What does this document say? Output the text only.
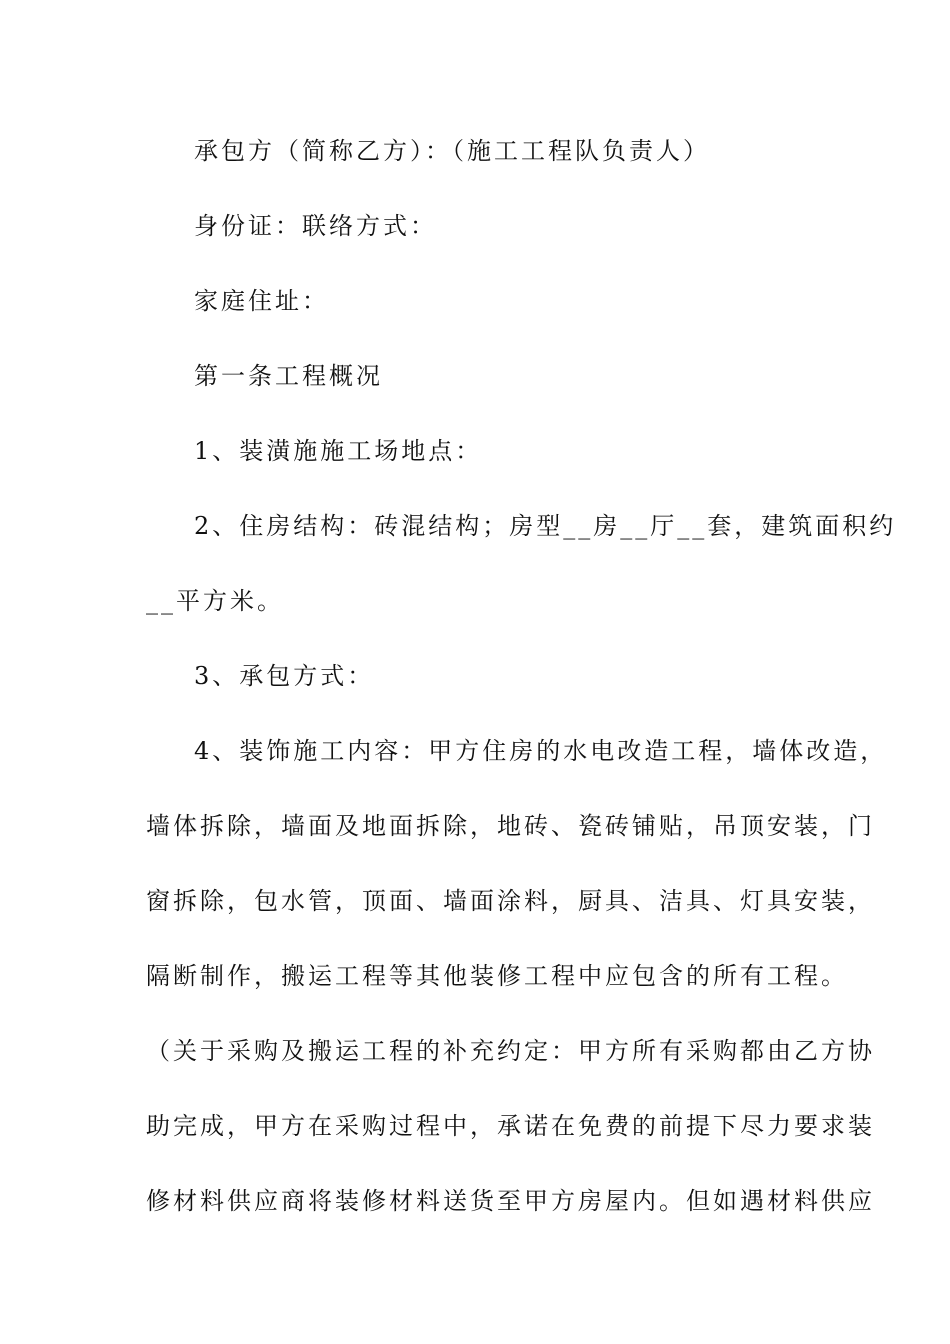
承包方（简称乙方）：（施工工程队负责人）
身份证：联络方式：
家庭住址：
第一条工程概况
1、装潢施施工场地点：
2、住房结构：砖混结构；房型__房__厅__套，建筑面积约
__平方米。
3、承包方式：
4、装饰施工内容：甲方住房的水电改造工程，墙体改造，
墙体拆除，墙面及地面拆除，地砖、瓷砖铺贴，吊顶安装，门
窗拆除，包水管，顶面、墙面涂料，厨具、洁具、灯具安装，
隔断制作，搬运工程等其他装修工程中应包含的所有工程。
（关于采购及搬运工程的补充约定：甲方所有采购都由乙方协
助完成，甲方在采购过程中，承诺在免费的前提下尽力要求装
修材料供应商将装修材料送货至甲方房屋内。但如遇材料供应
